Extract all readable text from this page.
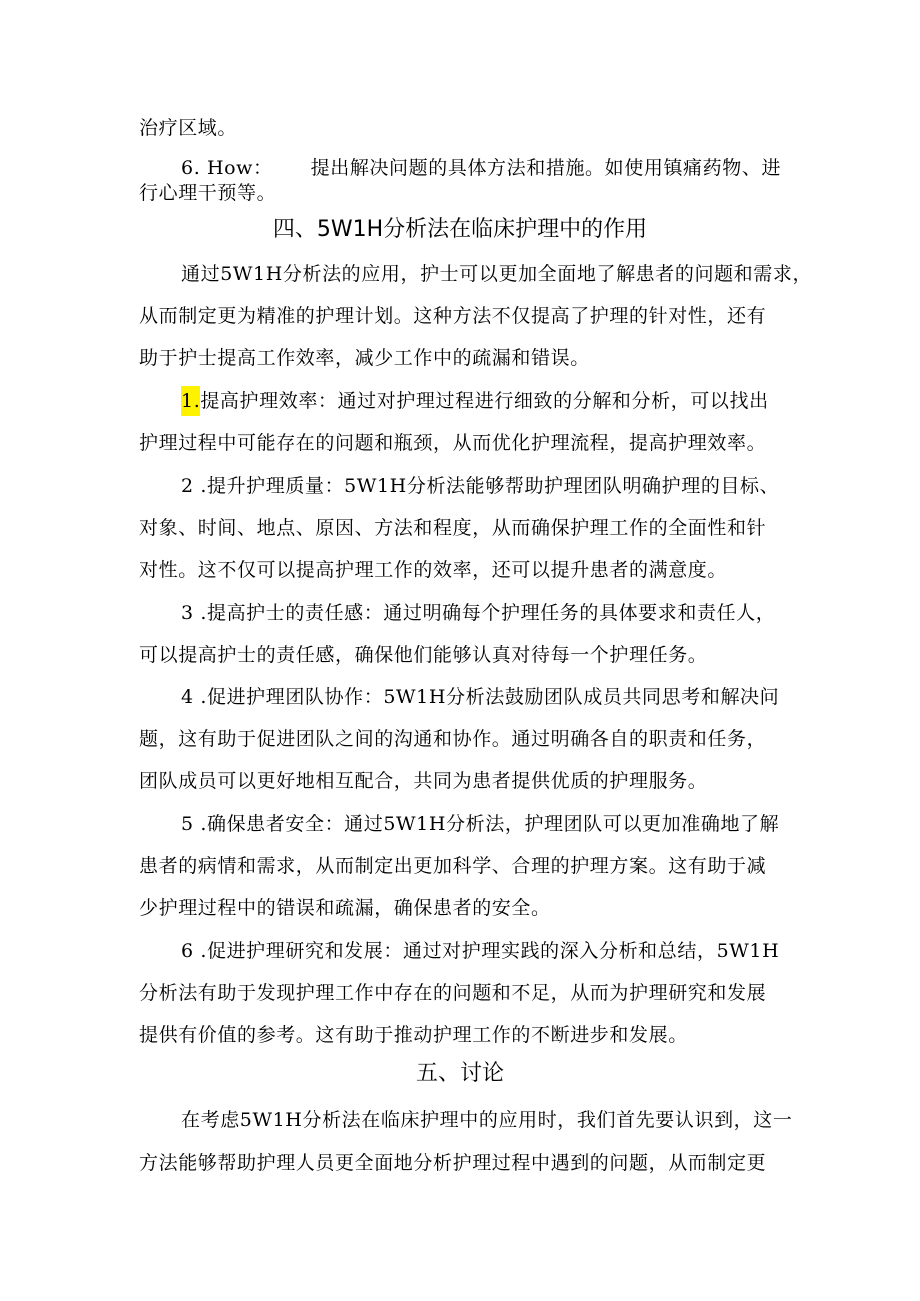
治疗区域。
6. How： 提出解决问题的具体方法和措施。如使用镇痛药物、进
行心理干预等。
四、5W1H分析法在临床护理中的作用
通过5W1H分析法的应用，护士可以更加全面地了解患者的问题和需求，
从而制定更为精准的护理计划。这种方法不仅提高了护理的针对性，还有
助于护士提高工作效率，减少工作中的疏漏和错误。
1.提高护理效率：通过对护理过程进行细致的分解和分析，可以找出
护理过程中可能存在的问题和瓶颈，从而优化护理流程，提高护理效率。
2 .提升护理质量：5W1H分析法能够帮助护理团队明确护理的目标、
对象、时间、地点、原因、方法和程度，从而确保护理工作的全面性和针
对性。这不仅可以提高护理工作的效率，还可以提升患者的满意度。
3 .提高护士的责任感：通过明确每个护理任务的具体要求和责任人，
可以提高护士的责任感，确保他们能够认真对待每一个护理任务。
4 .促进护理团队协作：5W1H分析法鼓励团队成员共同思考和解决问
题，这有助于促进团队之间的沟通和协作。通过明确各自的职责和任务，
团队成员可以更好地相互配合，共同为患者提供优质的护理服务。
5 .确保患者安全：通过5W1H分析法，护理团队可以更加准确地了解
患者的病情和需求，从而制定出更加科学、合理的护理方案。这有助于减
少护理过程中的错误和疏漏，确保患者的安全。
6 .促进护理研究和发展：通过对护理实践的深入分析和总结，5W1H
分析法有助于发现护理工作中存在的问题和不足，从而为护理研究和发展
提供有价值的参考。这有助于推动护理工作的不断进步和发展。
五、讨论
在考虑5W1H分析法在临床护理中的应用时，我们首先要认识到，这一
方法能够帮助护理人员更全面地分析护理过程中遇到的问题，从而制定更
